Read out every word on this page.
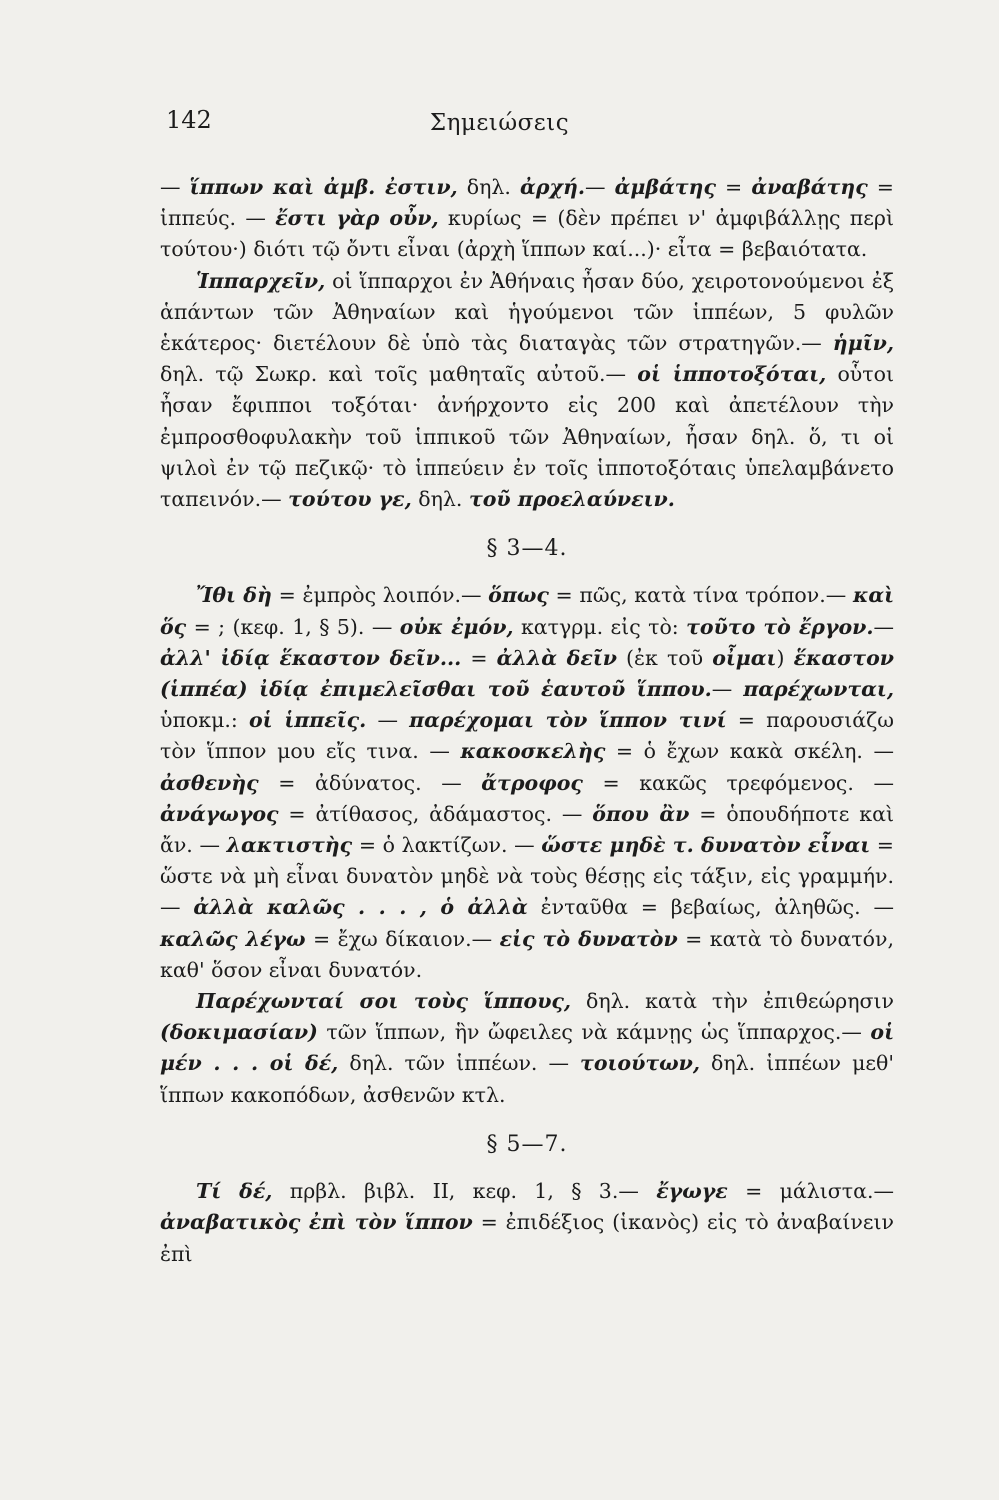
142	Σημειώσεις

— ἵππων καὶ ἀμβ. ἐστιν, δηλ. ἀρχή.— ἀμβάτης = ἀναβάτης = ἱππεύς. — ἔστι γὰρ οὖν, κυρίως = (δὲν πρέπει ν' ἀμφιβάλλῃς περὶ τούτου·) διότι τῷ ὄντι εἶναι (ἀρχὴ ἵππων καί...)· εἶτα = βεβαιότατα.

Ἱππαρχεῖν, οἱ ἵππαρχοι ἐν Ἀθήναις ἦσαν δύο, χειροτονούμενοι ἐξ ἁπάντων τῶν Ἀθηναίων καὶ ἡγούμενοι τῶν ἱππέων, 5 φυλῶν ἑκάτερος· διετέλουν δὲ ὑπὸ τὰς διαταγὰς τῶν στρατηγῶν.— ἡμῖν, δηλ. τῷ Σωκρ. καὶ τοῖς μαθηταῖς αὐτοῦ.— οἱ ἱπποτοξόται, οὗτοι ἦσαν ἔφιπποι τοξόται· ἀνήρχοντο εἰς 200 καὶ ἀπετέλουν τὴν ἐμπροσθοφυλακὴν τοῦ ἱππικοῦ τῶν Ἀθηναίων, ἦσαν δηλ. ὅ, τι οἱ ψιλοὶ ἐν τῷ πεζικῷ· τὸ ἱππεύειν ἐν τοῖς ἱπποτοξόταις ὑπελαμβάνετο ταπεινόν.— τούτου γε, δηλ. τοῦ προελαύνειν.

§ 3—4.

Ἴθι δὴ = ἐμπρὸς λοιπόν.— ὅπως = πῶς, κατὰ τίνα τρόπον.— καὶ ὅς = ; (κεφ. 1, § 5). — οὐκ ἐμόν, κατγρμ. εἰς τὸ: τοῦτο τὸ ἔργον.— ἀλλ' ἰδίᾳ ἕκαστον δεῖν... = ἀλλὰ δεῖν (ἐκ τοῦ οἶμαι) ἕκαστον (ἱππέα) ἰδίᾳ ἐπιμελεῖσθαι τοῦ ἑαυτοῦ ἵππου.— παρέχωνται, ὑποκμ.: οἱ ἱππεῖς. — παρέχομαι τὸν ἵππον τινί = παρουσιάζω τὸν ἵππον μου εἴς τινα. — κακοσκελὴς = ὁ ἔχων κακὰ σκέλη. — ἀσθενὴς = ἀδύνατος. — ἄτροφος = κακῶς τρεφόμενος. — ἀνάγωγος = ἀτίθασος, ἀδάμαστος. — ὅπου ἂν = ὁπουδήποτε καὶ ἄν. — λακτιστὴς = ὁ λακτίζων. — ὥστε μηδὲ τ. δυνατὸν εἶναι = ὥστε νὰ μὴ εἶναι δυνατὸν μηδὲ νὰ τοὺς θέσῃς εἰς τάξιν, εἰς γραμμήν.— ἀλλὰ καλῶς . . . , ὁ ἀλλὰ ἐνταῦθα = βεβαίως, ἀληθῶς. — καλῶς λέγω = ἔχω δίκαιον.— εἰς τὸ δυνατὸν = κατὰ τὸ δυνατόν, καθ' ὅσον εἶναι δυνατόν.

Παρέχωνταί σοι τοὺς ἵππους, δηλ. κατὰ τὴν ἐπιθεώρησιν (δοκιμασίαν) τῶν ἵππων, ἣν ὤφειλες νὰ κάμνῃς ὡς ἵππαρχος.— οἱ μέν . . . οἱ δέ, δηλ. τῶν ἱππέων. — τοιούτων, δηλ. ἱππέων μεθ' ἵππων κακοπόδων, ἀσθενῶν κτλ.

§ 5—7.

Τί δέ, πρβλ. βιβλ. II, κεφ. 1, § 3.— ἔγωγε = μάλιστα.— ἀναβατικὸς ἐπὶ τὸν ἵππον = ἐπιδέξιος (ἱκανὸς) εἰς τὸ ἀναβαίνειν ἐπὶ
